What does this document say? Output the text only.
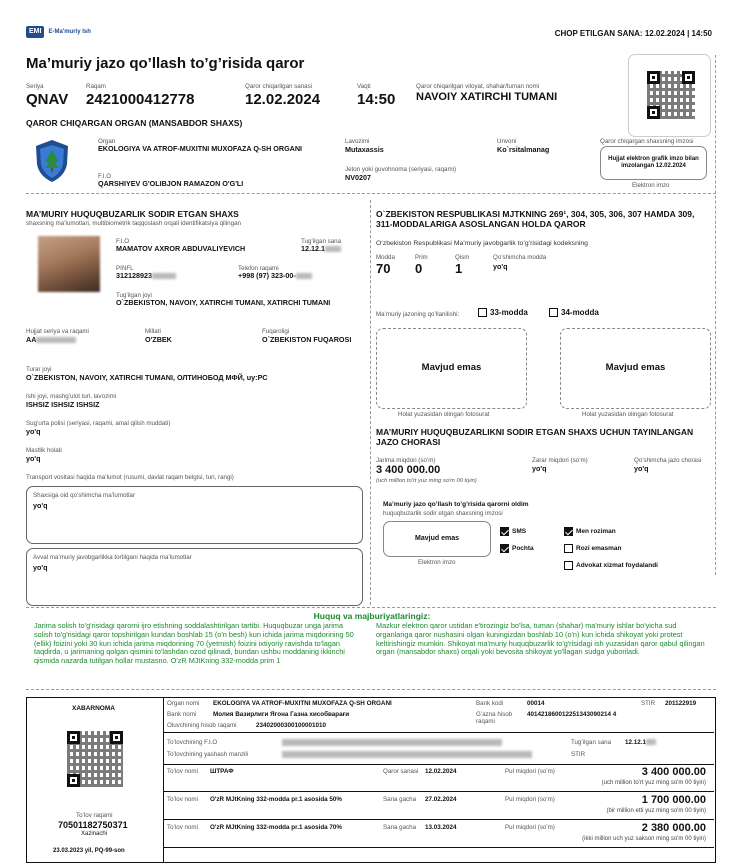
EMI	E-Ma'muriy Ish	CHOP ETILGAN SANA: 12.02.2024 | 14:50
Ma’muriy jazo qo’llash to’g’risida qaror
Seriya
QNAV
Raqam
2421000412778
Qaror chiqarilgan sanasi
12.02.2024
Vaqti
14:50
Qaror chiqarilgan viloyat, shahar/tuman nomi
NAVOIY XATIRCHI TUMANI
QAROR CHIQARGAN ORGAN (MANSABDOR SHAXS)
Organ
EKOLOGIYA VA ATROF-MUXITNI MUXOFAZA Q-SH ORGANI
F.I.O
QARSHIYEV G'OLIBJON RAMAZON O'G'LI
Lavozimi
Mutaxassis
Unvoni
Ko`rsitalmanag
Jeton yoki guvohnoma (seriyasi, raqami)
NV0207
Qaror chiqargan shaxsning imzosi
Hujjat elektron grafik imzo bilan imzolangan 12.02.2024
Elektron imzo
MA’MURIY HUQUQBUZARLIK SODIR ETGAN SHAXS
shaxsning ma’lumotlari, multibiometrik taqqoslash orqali identifikatsiya qilingan
F.I.O
MAMATOV AXROR ABDUVALIYEVICH
Tug’ilgan sana
12.12.1
PINFL
312128923
Telefon raqami
+998 (97) 323-00-
Tug’ilgan joyi
O`ZBEKISTON, NAVOIY, XATIRCHI TUMANI, XATIRCHI TUMANI
Hujjat seriya va raqami
AA
Millati
O'ZBEK
Fuqaroligi
O`ZBEKISTON FUQAROSI
Turar joyi
O`ZBEKISTON, NAVOIY, XATIRCHI TUMANI, ОЛТИНОБОД МФЙ, uy:PC
Ishi joyi, mashg’ulot turi, lavozimi
ISHSIZ ISHSIZ ISHSIZ
Sug’urta polisi (seriyasi, raqami, amal qilish muddati)
yo'q
Mastlik holati
yo'q
Transport vositasi haqida ma’lumot (rusumi, davlat raqam belgisi, turi, rangi)
Shaxsiga oid qo’shimcha ma’lumotlar
yo'q
Avval ma’muriy javobgarlikka tortilgani haqida ma’lumotlar
yo'q
O`ZBEKISTON RESPUBLIKASI MJTKNING 269¹, 304, 305, 306, 307 HAMDA 309, 311-MODDALARIGA ASOSLANGAN HOLDA QAROR
O‘zbekiston Respublikasi Ma’muriy javobgarlik to’g’risidagi kodeksning
Modda
70
Prim
0
Qism
1
Qo’shimcha modda
yo'q
Ma’muriy jazoning qo’llanilishi:	33-modda	34-modda
Mavjud emas
Holat yuzasidan olingan fotosurat
Mavjud emas
Holat yuzasidan olingan fotosurat
MA’MURIY HUQUQBUZARLIKNI SODIR ETGAN SHAXS UCHUN TAYINLANGAN JAZO CHORASI
Jarima miqdori (so’m)
3 400 000.00
(uch million to'rt yuz ming so'm 00 tiyin)
Zarar miqdori (so’m)
yo'q
Qo’shimcha jazo chorasi
yo'q
Ma’muriy jazo qo’llash to’g’risida qarorni oldim
huquqbuzarlik sodir etgan shaxsning imzosi
Mavjud emas
Elektron imzo
SMS
Pochta
Men roziman
Rozi emasman
Advokat xizmat foydalandi
Huquq va majburiyatlaringiz:
Jarima solish to'g'risidagi qarorni ijro etishning soddalashtirilgan tartibi. Huquqbuzar unga jarima solish to'g'risidagi qaror topshirilgan kundan boshlab 15 (o'n besh) kun ichida jarima miqdorining 50 (ellik) foizini yoki 30 kun ichida jarima miqdorining 70 (yetmish) foizini ixtiyoriy ravishda to'lagan taqdirda, u jarimaning qolgan qismini to'lashdan ozod qilinadi, bundan ushbu moddaning ikkinchi qismida nazarda tutilgan hollar mustasno. O'zR MJtKning 332-modda prim 1
Mazkur elektron qaror ustidan e'tirozingiz bo'lsa, tuman (shahar) ma'muriy ishlar bo'yicha sud organlariga qaror nushasini olgan kuningizdan boshlab 10 (o'n) kun ichida shikoyat yoki protest keltirishingiz mumkin. Shikoyat ma'muriy huquqbuzarlik to'g'risidagi ish yuzasidan qaror qabul qilingan organ (mansabdor shaxs) orqali yoki bevosita shikoyat yo'llagan sudga yuboriladi.
XABARNOMA
To’lov raqami
70501182750371
Xazinachi
23.03.2023 yil, PQ-99-son
Organ nomi EKOLOGIYA VA ATROF-MUXITNI MUXOFAZA Q-SH ORGANI	Bank kodi	00014	STIR 201122919
Bank nomi	Молия Вазирлиги Ягона Газна хисобварағи	G’azna hisob raqami
401421860012251343090214 4
Oluvchining hisob raqami	23402000300100001010
To’lovchining F.I.O	Tug’ilgan sana 12.12.1
To’lovchining yashash manzili	STIR
To’lov nomi ШТРАФ	Qaror sanasi 12.02.2024	Pul miqdori (so’m)	3 400 000.00
(uch million to'rt yuz ming so'm 00 tiyin)
To’lov nomi O'zR MJtKning 332-modda pr.1 asosida 50%	Sana gacha 27.02.2024	Pul miqdori (so’m)	1 700 000.00
(bir million etti yuz ming so'm 00 tiyin)
To’lov nomi O'zR MJtKning 332-modda pr.1 asosida 70%	Sana gacha 13.03.2024	Pul miqdori (so’m)	2 380 000.00
(ikki million uch yuz sakson ming so'm 00 tiyin)
